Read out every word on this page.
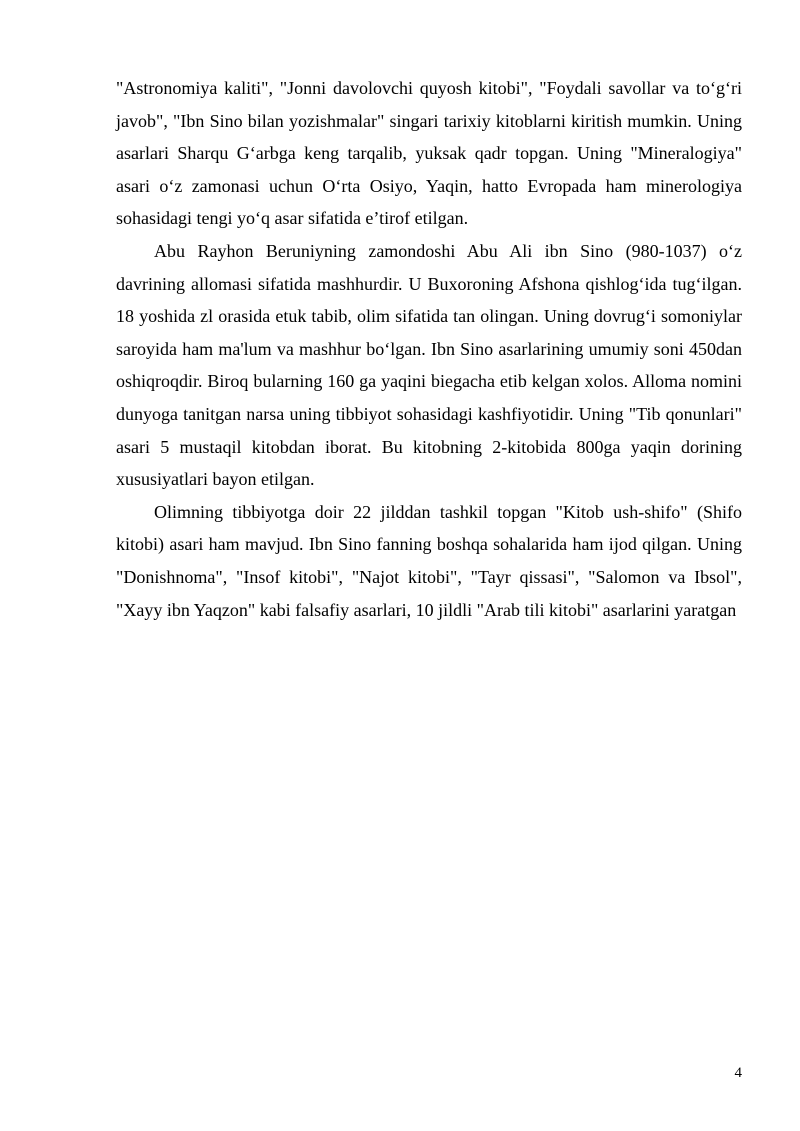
"Astronomiya kaliti", "Jonni davolovchi quyosh kitobi", "Foydali savollar va to‘g‘ri javob", "Ibn Sino bilan yozishmalar" singari tarixiy kitoblarni kiritish mumkin. Uning asarlari Sharqu G‘arbga keng tarqalib, yuksak qadr topgan. Uning "Mineralogiya" asari o‘z zamonasi uchun O‘rta Osiyo, Yaqin, hatto Evropada ham minerologiya sohasidagi tengi yo‘q asar sifatida e’tirof etilgan.

Abu Rayhon Beruniyning zamondoshi Abu Ali ibn Sino (980-1037) o‘z davrining allomasi sifatida mashhurdir. U Buxoroning Afshona qishlog‘ida tug‘ilgan. 18 yoshida zl orasida etuk tabib, olim sifatida tan olingan. Uning dovrug‘i somoniylar saroyida ham ma'lum va mashhur bo‘lgan. Ibn Sino asarlarining umumiy soni 450dan oshiqroqdir. Biroq bularning 160 ga yaqini biegacha etib kelgan xolos. Alloma nomini dunyoga tanitgan narsa uning tibbiyot sohasidagi kashfiyotidir. Uning "Tib qonunlari" asari 5 mustaqil kitobdan iborat. Bu kitobning 2-kitobida 800ga yaqin dorining xususiyatlari bayon etilgan.

Olimning tibbiyotga doir 22 jilddan tashkil topgan "Kitob ush-shifo" (Shifo kitobi) asari ham mavjud. Ibn Sino fanning boshqa sohalarida ham ijod qilgan. Uning "Donishnoma", "Insof kitobi", "Najot kitobi", "Tayr qissasi", "Salomon va Ibsol", "Xayy ibn Yaqzon" kabi falsafiy asarlari, 10 jildli "Arab tili kitobi" asarlarini yaratgan

4
